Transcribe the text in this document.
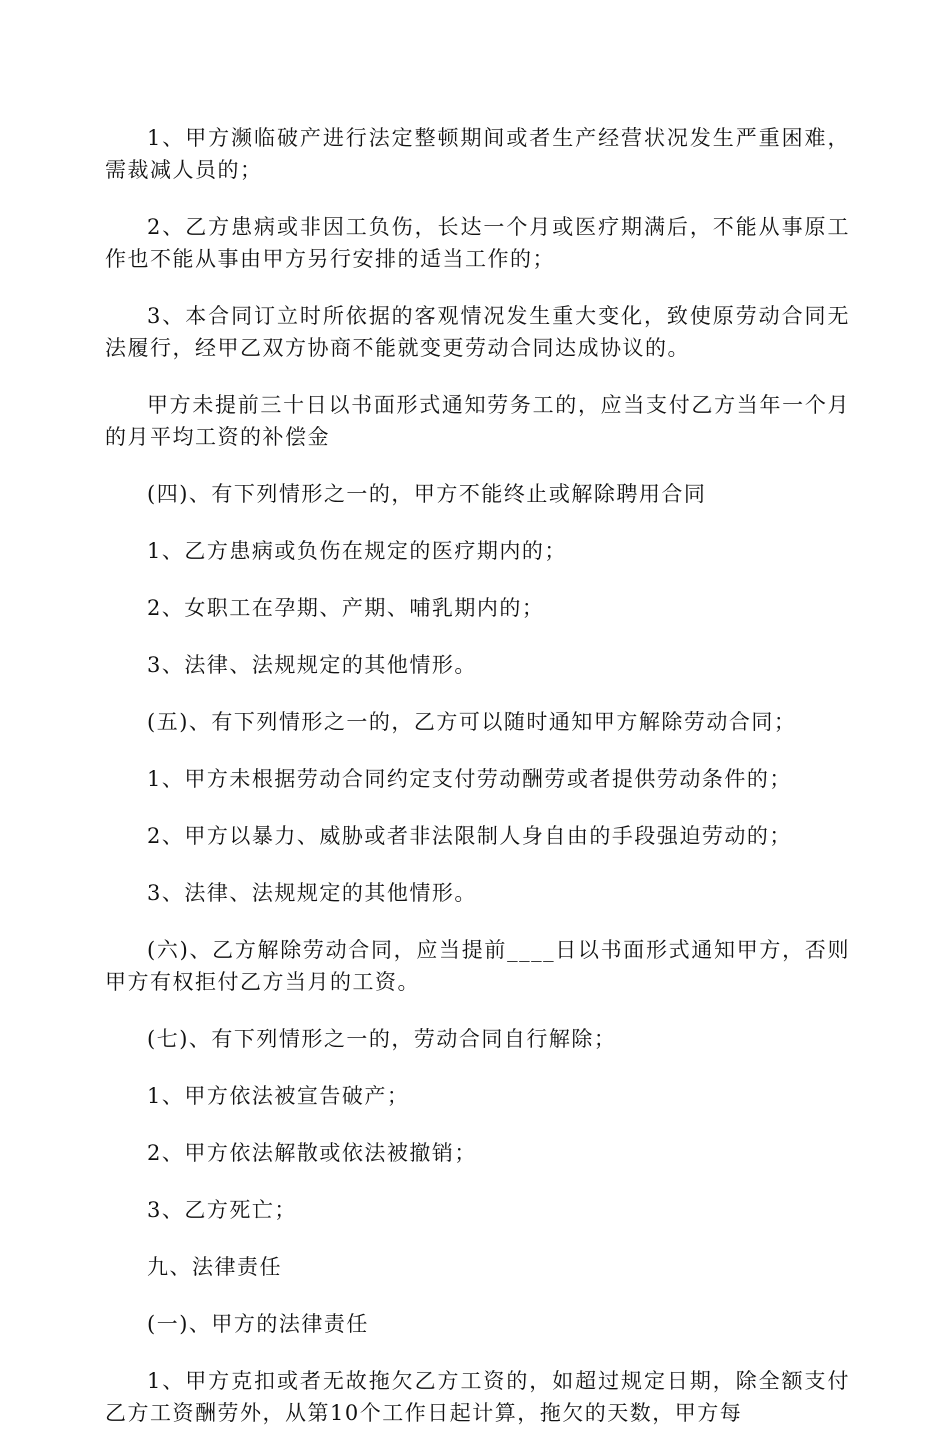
1、甲方濒临破产进行法定整顿期间或者生产经营状况发生严重困难，需裁减人员的；

2、乙方患病或非因工负伤，长达一个月或医疗期满后，不能从事原工作也不能从事由甲方另行安排的适当工作的；

3、本合同订立时所依据的客观情况发生重大变化，致使原劳动合同无法履行，经甲乙双方协商不能就变更劳动合同达成协议的。

甲方未提前三十日以书面形式通知劳务工的，应当支付乙方当年一个月的月平均工资的补偿金

(四)、有下列情形之一的，甲方不能终止或解除聘用合同

1、乙方患病或负伤在规定的医疗期内的；

2、女职工在孕期、产期、哺乳期内的；

3、法律、法规规定的其他情形。

(五)、有下列情形之一的，乙方可以随时通知甲方解除劳动合同；

1、甲方未根据劳动合同约定支付劳动酬劳或者提供劳动条件的；

2、甲方以暴力、威胁或者非法限制人身自由的手段强迫劳动的；

3、法律、法规规定的其他情形。

(六)、乙方解除劳动合同，应当提前____日以书面形式通知甲方，否则甲方有权拒付乙方当月的工资。

(七)、有下列情形之一的，劳动合同自行解除；

1、甲方依法被宣告破产；

2、甲方依法解散或依法被撤销；

3、乙方死亡；

九、法律责任

(一)、甲方的法律责任

1、甲方克扣或者无故拖欠乙方工资的，如超过规定日期，除全额支付乙方工资酬劳外，从第10个工作日起计算，拖欠的天数，甲方每
